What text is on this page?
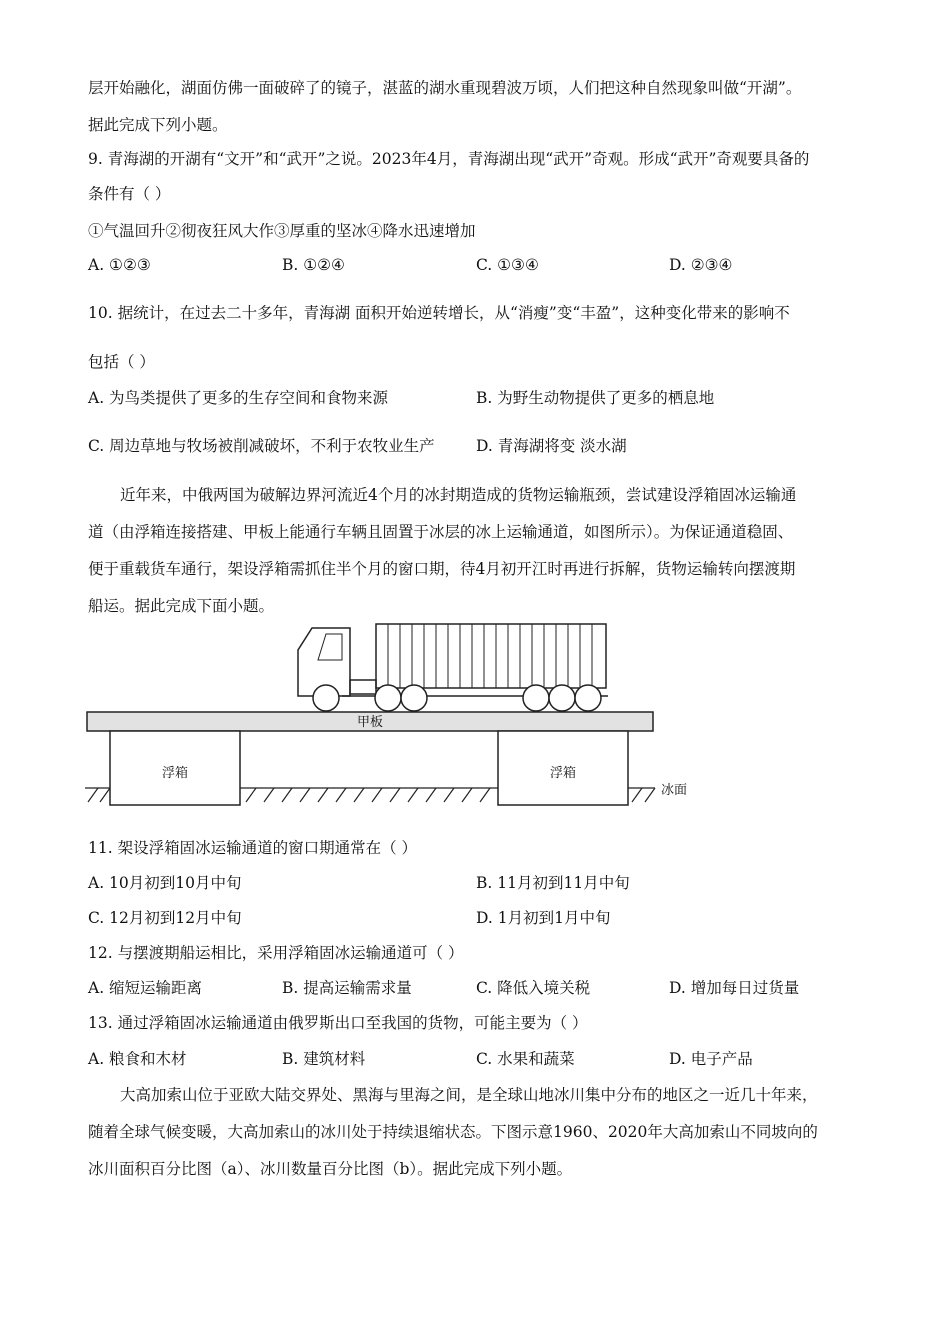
层开始融化，湖面仿佛一面破碎了的镜子，湛蓝的湖水重现碧波万顷，人们把这种自然现象叫做“开湖”。
据此完成下列小题。
9. 青海湖的开湖有“文开”和“武开”之说。2023年4月，青海湖出现“武开”奇观。形成“武开”奇观要具备的
条件有（ ）
①气温回升②彻夜狂风大作③厚重的坚冰④降水迅速增加
A. ①②③	B. ①②④	C. ①③④	D. ②③④
10. 据统计，在过去二十多年，青海湖 面积开始逆转增长，从“消瘦”变“丰盈”，这种变化带来的影响不
包括（ ）
A. 为鸟类提供了更多的生存空间和食物来源	B. 为野生动物提供了更多的栖息地
C. 周边草地与牧场被削减破坏，不利于农牧业生产	D. 青海湖将变 淡水湖
近年来，中俄两国为破解边界河流近4个月的冰封期造成的货物运输瓶颈，尝试建设浮箱固冰运输通
道（由浮箱连接搭建、甲板上能通行车辆且固置于冰层的冰上运输通道，如图所示）。为保证通道稳固、
便于重载货车通行，架设浮箱需抓住半个月的窗口期，待4月初开江时再进行拆解，货物运输转向摆渡期
船运。据此完成下面小题。
甲板
浮箱	浮箱
冰面
11. 架设浮箱固冰运输通道的窗口期通常在（ ）
A. 10月初到10月中旬	B. 11月初到11月中旬
C. 12月初到12月中旬	D. 1月初到1月中旬
12. 与摆渡期船运相比，采用浮箱固冰运输通道可（ ）
A. 缩短运输距离	B. 提高运输需求量	C. 降低入境关税	D. 增加每日过货量
13. 通过浮箱固冰运输通道由俄罗斯出口至我国的货物，可能主要为（ ）
A. 粮食和木材	B. 建筑材料	C. 水果和蔬菜	D. 电子产品
大高加索山位于亚欧大陆交界处、黑海与里海之间，是全球山地冰川集中分布的地区之一近几十年来，
随着全球气候变暖，大高加索山的冰川处于持续退缩状态。下图示意1960、2020年大高加索山不同坡向的
冰川面积百分比图（a）、冰川数量百分比图（b）。据此完成下列小题。
